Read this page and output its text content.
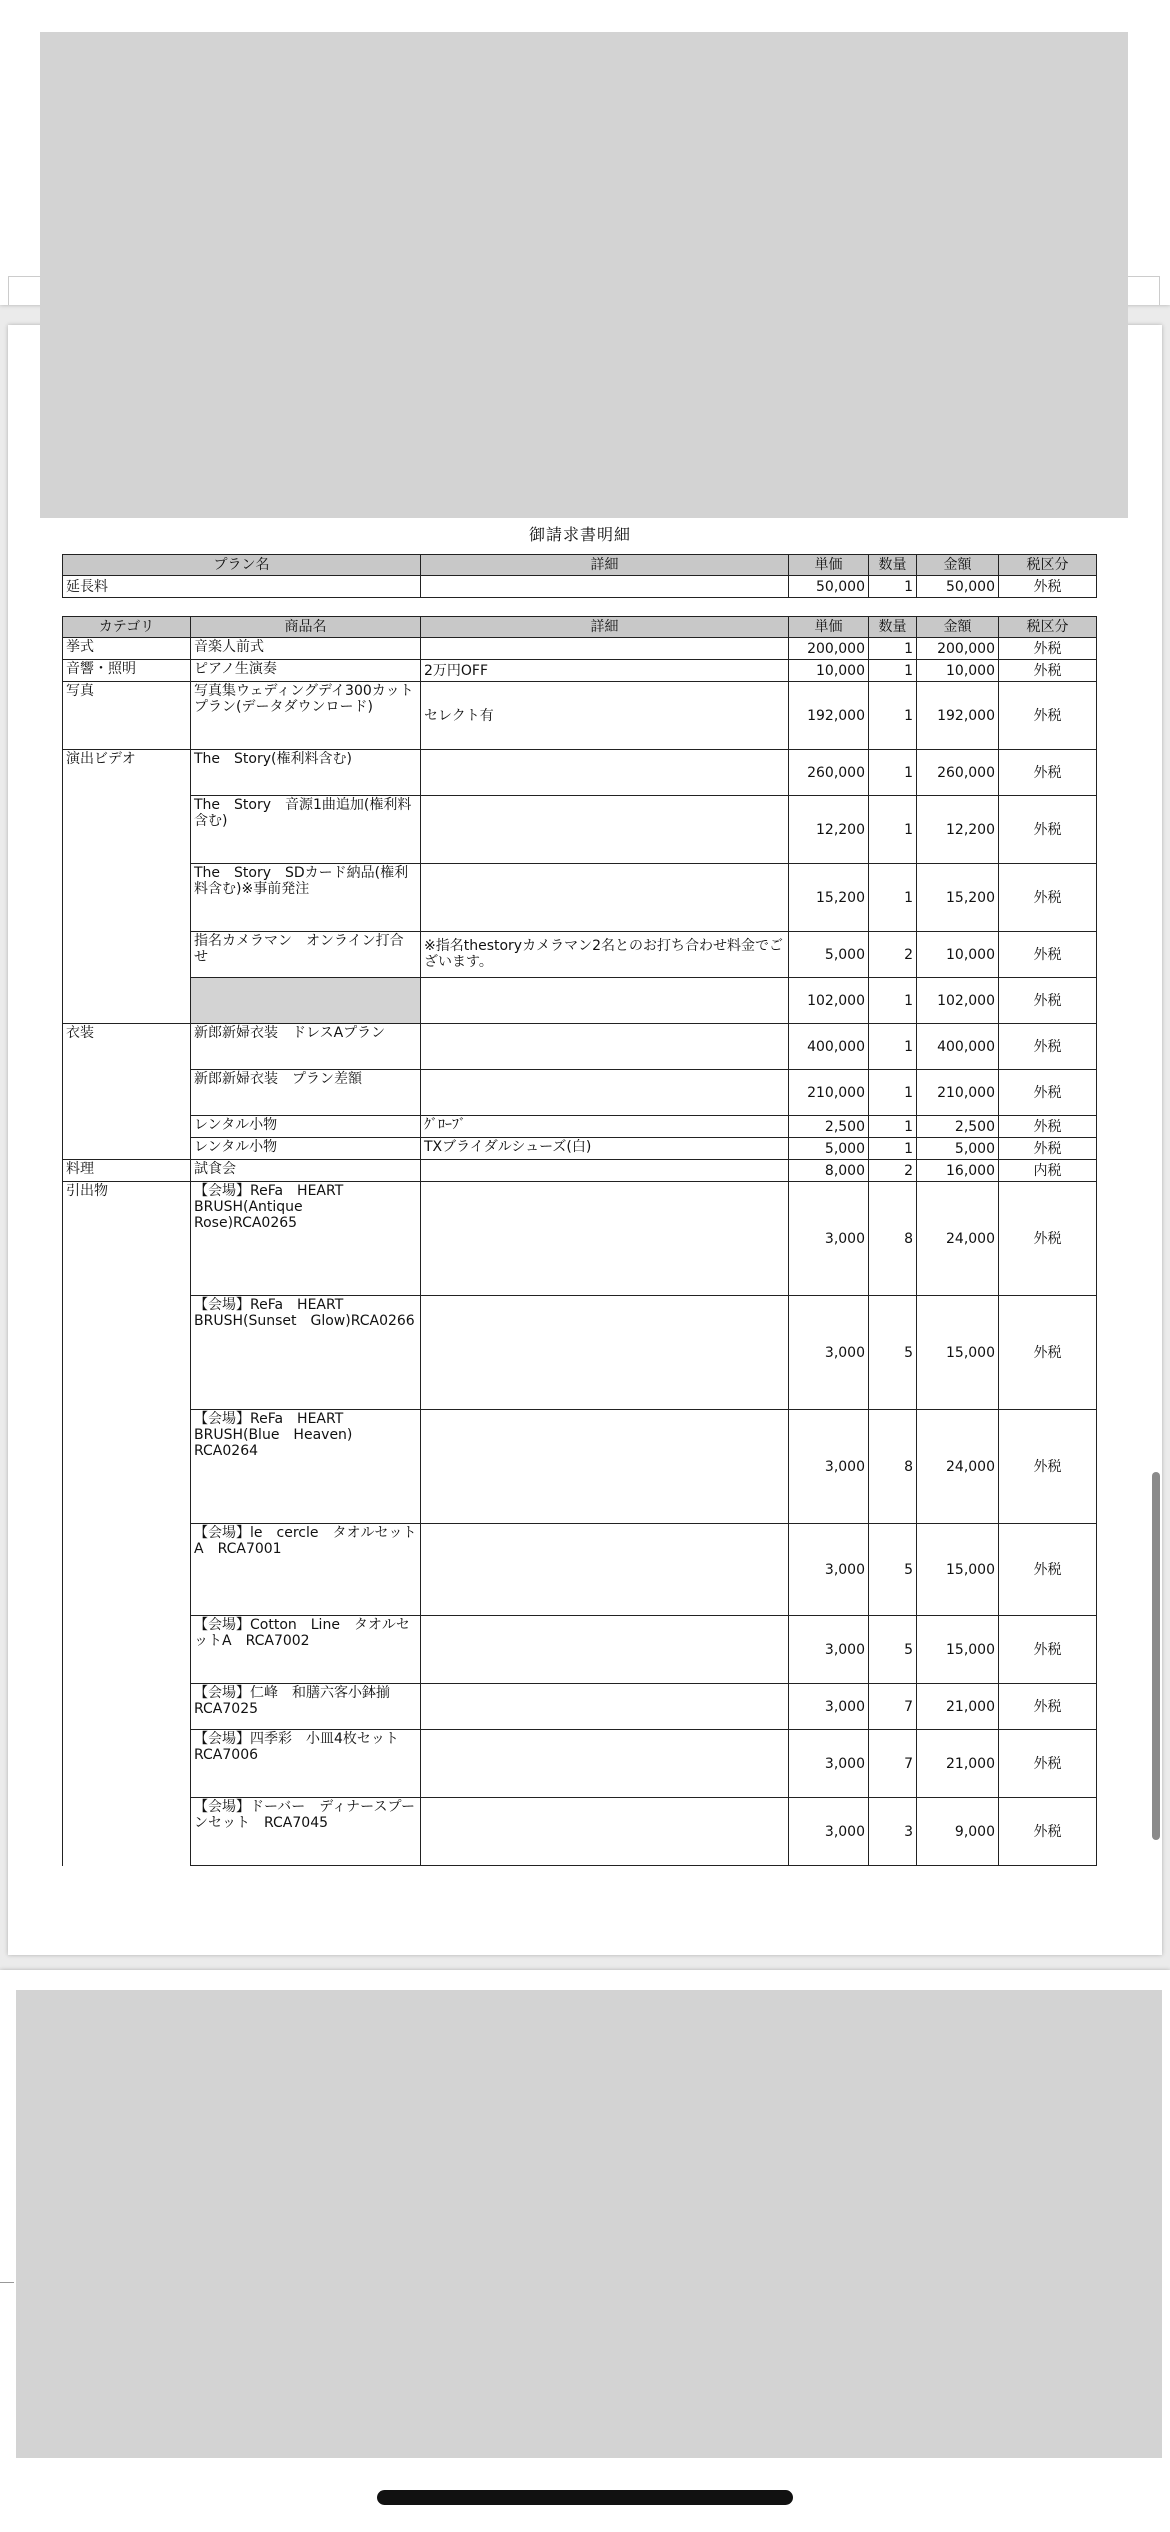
御請求書明細
プラン名	詳細	単価	数量	金額	税区分
延長料		50,000	1	50,000	外税
カテゴリ	商品名	詳細	単価	数量	金額	税区分
挙式	音楽人前式		200,000	1	200,000	外税
音響・照明	ピアノ生演奏	2万円OFF	10,000	1	10,000	外税
写真	写真集ウェディングデイ300カットプラン(データダウンロード)	セレクト有	192,000	1	192,000	外税
演出ビデオ	The　Story(権利料含む)		260,000	1	260,000	外税
	The　Story　音源1曲追加(権利料含む)		12,200	1	12,200	外税
	The　Story　SDカード納品(権利料含む)※事前発注		15,200	1	15,200	外税
	指名カメラマン　オンライン打合せ	※指名thestoryカメラマン2名とのお打ち合わせ料金でございます。	5,000	2	10,000	外税
			102,000	1	102,000	外税
衣装	新郎新婦衣装　ドレスAプラン		400,000	1	400,000	外税
	新郎新婦衣装　プラン差額		210,000	1	210,000	外税
	レンタル小物	ｸﾞﾛｰﾌﾞ	2,500	1	2,500	外税
	レンタル小物	TXブライダルシューズ(白)	5,000	1	5,000	外税
料理	試食会		8,000	2	16,000	内税
引出物	【会場】ReFa　HEART　BRUSH(Antique　Rose)RCA0265		3,000	8	24,000	外税
	【会場】ReFa　HEART　BRUSH(Sunset　Glow)RCA0266		3,000	5	15,000	外税
	【会場】ReFa　HEART　BRUSH(Blue　Heaven)　RCA0264		3,000	8	24,000	外税
	【会場】le　cercle　タオルセットA　RCA7001		3,000	5	15,000	外税
	【会場】Cotton　Line　タオルセットA　RCA7002		3,000	5	15,000	外税
	【会場】仁峰　和膳六客小鉢揃　RCA7025		3,000	7	21,000	外税
	【会場】四季彩　小皿4枚セット　RCA7006		3,000	7	21,000	外税
	【会場】ドーバー　ディナースプーンセット　RCA7045		3,000	3	9,000	外税
